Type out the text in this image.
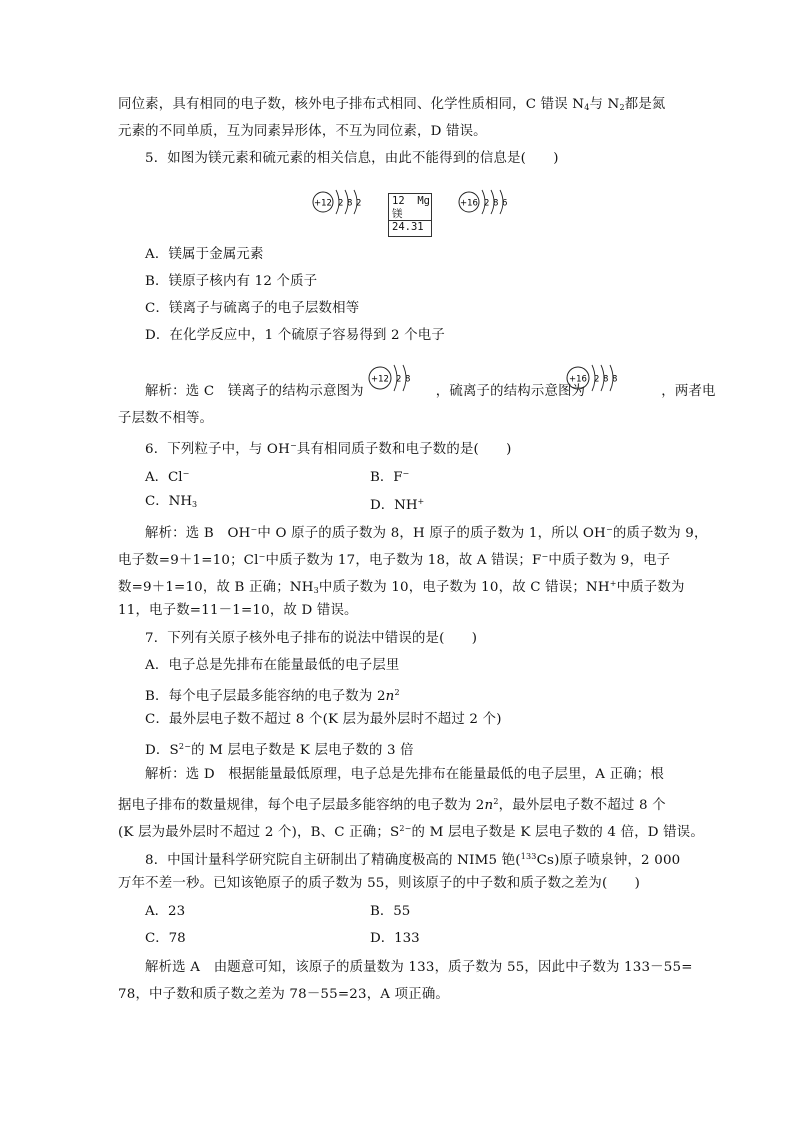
同位素，具有相同的电子数，核外电子排布式相同、化学性质相同，C 错误 $N_4$与 $N_2$都是氮
元素的不同单质，互为同素异形体，不互为同位素，D 错误。
5．如图为镁元素和硫元素的相关信息，由此不能得到的信息是(　　)
+12 2 8 2	12 Mg
镁
24.31
+16 2 8 6
A．镁属于金属元素
B．镁原子核内有 12 个质子
C．镁离子与硫离子的电子层数相等
D．在化学反应中，1 个硫原子容易得到 2 个电子
解析：选 C　镁离子的结构示意图为	，硫离子的结构示意图为	，两者电
+12 2 8	+16 2 8 8
子层数不相等。
6．下列粒子中，与 OH−具有相同质子数和电子数的是(　　)
A．Cl−	B．F−
C．$NH_3$	D．NH+
解析：选 B　OH−中 O 原子的质子数为 8，H 原子的质子数为 1，所以 OH−的质子数为 9，
电子数=9＋1=10；Cl−中质子数为 17，电子数为 18，故 A 错误；F−中质子数为 9，电子
数=9＋1=10，故 B 正确；$NH_3$中质子数为 10，电子数为 10，故 C 错误；NH+中质子数为
11，电子数=11－1=10，故 D 错误。
7．下列有关原子核外电子排布的说法中错误的是(　　)
A．电子总是先排布在能量最低的电子层里
B．每个电子层最多能容纳的电子数为 $2n^2$
C．最外层电子数不超过 8 个(K 层为最外层时不超过 2 个)
D．$S^{2-}$的 M 层电子数是 K 层电子数的 3 倍
解析：选 D　根据能量最低原理，电子总是先排布在能量最低的电子层里，A 正确；根
据电子排布的数量规律，每个电子层最多能容纳的电子数为 $2n^2$，最外层电子数不超过 8 个
(K 层为最外层时不超过 2 个)，B、C 正确；$S^{2-}$的 M 层电子数是 K 层电子数的 4 倍，D 错误。
8．中国计量科学研究院自主研制出了精确度极高的 NIM5 铯($^{133}$Cs)原子喷泉钟，2 000
万年不差一秒。已知该铯原子的质子数为 55，则该原子的中子数和质子数之差为(　　)
A．23	B．55
C．78	D．133
解析选 A　由题意可知，该原子的质量数为 133，质子数为 55，因此中子数为 133－55=
78，中子数和质子数之差为 78－55=23，A 项正确。
